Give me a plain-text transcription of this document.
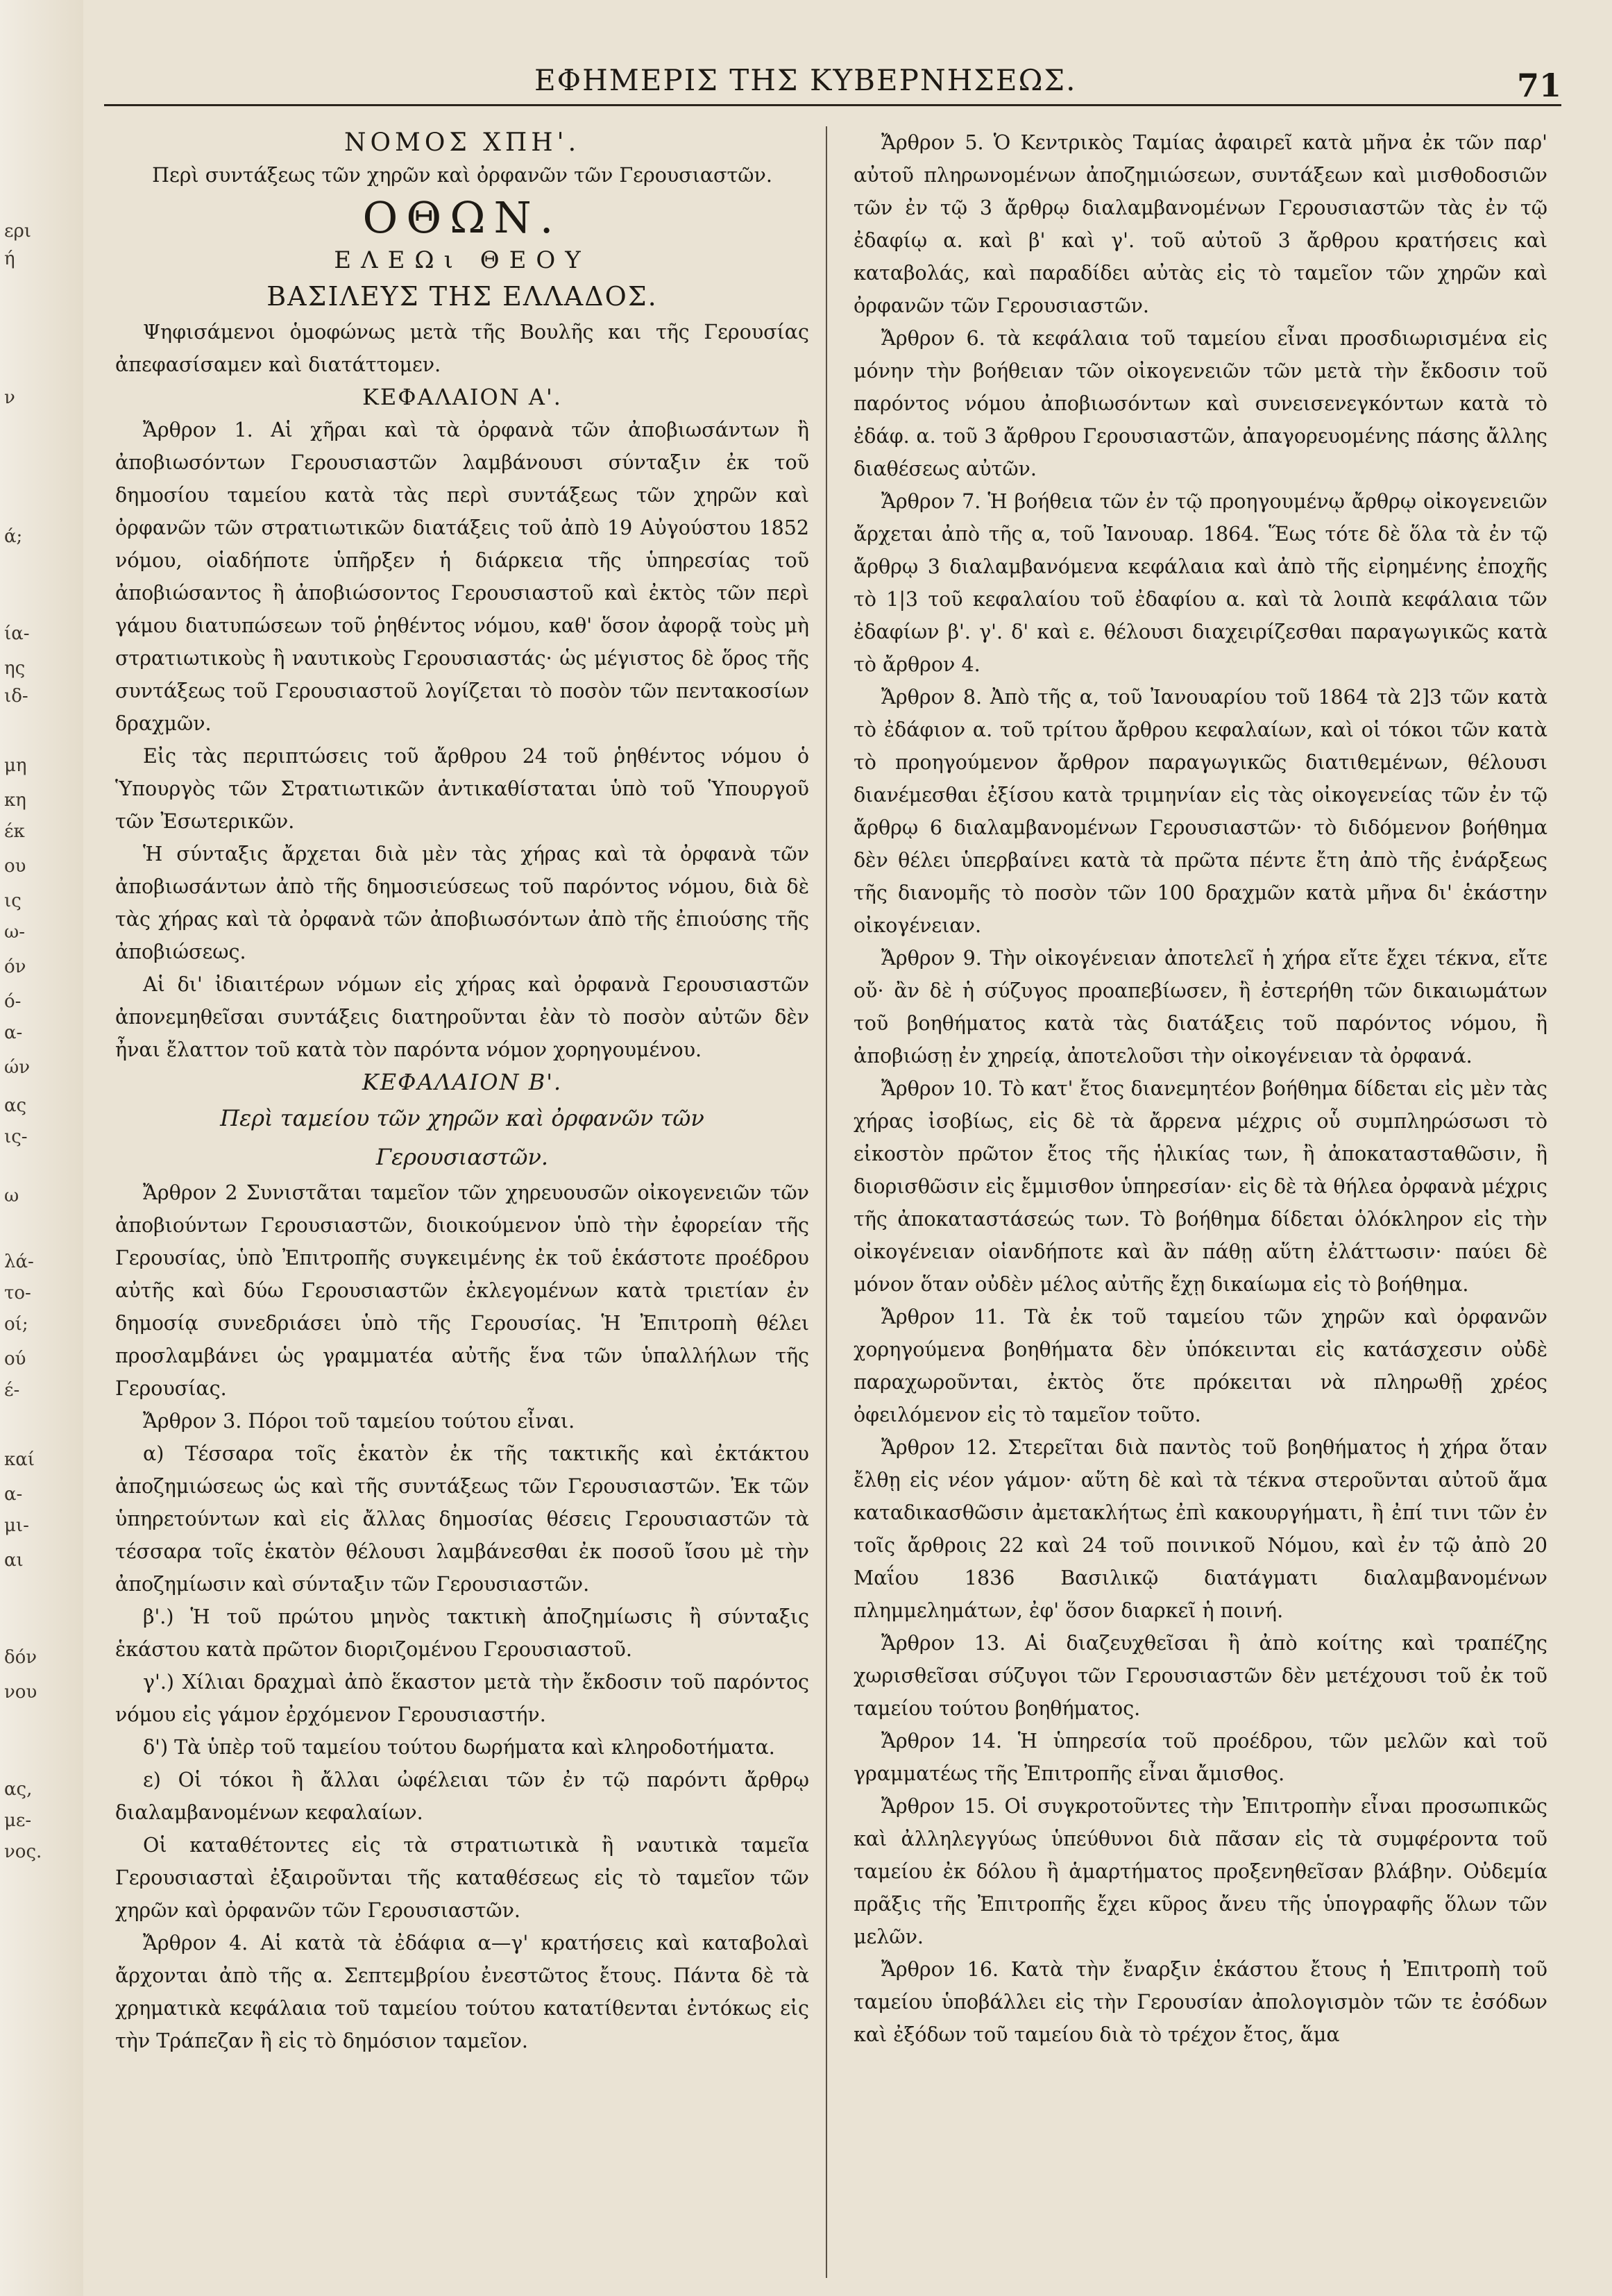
ερι
ή
ν
ά;
ία-
ης
ιδ-
μη
κη
έκ
ου
ις
ω-
όν
ό-
α-
ών
ας
ις-
ω
λά-
το-
οί;
ού
έ-
καί
α-
μι-
αι
δόν
νου
ας,
με-
νος.
ΕΦΗΜΕΡΙΣ ΤΗΣ ΚΥΒΕΡΝΗΣΕΩΣ.	71

ΝΟΜΟΣ ΧΠΗ'.

Περὶ συντάξεως τῶν χηρῶν καὶ ὀρφανῶν τῶν Γερουσιαστῶν.

ΟΘΩΝ.

ΕΛΕΩι ΘΕΟΥ

ΒΑΣΙΛΕΥΣ ΤΗΣ ΕΛΛΑΔΟΣ.

Ψηφισάμενοι ὁμοφώνως μετὰ τῆς Βουλῆς και τῆς Γερουσίας ἀπεφασίσαμεν καὶ διατάττομεν.

ΚΕΦΑΛΑΙΟΝ Α'.

Ἄρθρον 1. Αἱ χῆραι καὶ τὰ ὀρφανὰ τῶν ἀποβιωσάντων ἢ ἀποβιωσόντων Γερουσιαστῶν λαμβάνουσι σύνταξιν ἐκ τοῦ δημοσίου ταμείου κατὰ τὰς περὶ συντάξεως τῶν χηρῶν καὶ ὀρφανῶν τῶν στρατιωτικῶν διατάξεις τοῦ ἀπὸ 19 Αὐγούστου 1852 νόμου, οἱαδήποτε ὑπῆρξεν ἡ διάρκεια τῆς ὑπηρεσίας τοῦ ἀποβιώσαντος ἢ ἀποβιώσοντος Γερουσιαστοῦ καὶ ἐκτὸς τῶν περὶ γάμου διατυπώσεων τοῦ ῥηθέντος νόμου, καθ' ὅσον ἀφορᾷ τοὺς μὴ στρατιωτικοὺς ἢ ναυτικοὺς Γερουσιαστάς· ὡς μέγιστος δὲ ὅρος τῆς συντάξεως τοῦ Γερουσιαστοῦ λογίζεται τὸ ποσὸν τῶν πεντακοσίων δραχμῶν.

Εἰς τὰς περιπτώσεις τοῦ ἄρθρου 24 τοῦ ῥηθέντος νόμου ὁ Ὑπουργὸς τῶν Στρατιωτικῶν ἀντικαθίσταται ὑπὸ τοῦ Ὑπουργοῦ τῶν Ἐσωτερικῶν.

Ἡ σύνταξις ἄρχεται διὰ μὲν τὰς χήρας καὶ τὰ ὀρφανὰ τῶν ἀποβιωσάντων ἀπὸ τῆς δημοσιεύσεως τοῦ παρόντος νόμου, διὰ δὲ τὰς χήρας καὶ τὰ ὀρφανὰ τῶν ἀποβιωσόντων ἀπὸ τῆς ἐπιούσης τῆς ἀποβιώσεως.

Αἱ δι' ἰδιαιτέρων νόμων εἰς χήρας καὶ ὀρφανὰ Γερουσιαστῶν ἀπονεμηθεῖσαι συντάξεις διατηροῦνται ἐὰν τὸ ποσὸν αὐτῶν δὲν ἦναι ἔλαττον τοῦ κατὰ τὸν παρόντα νόμον χορηγουμένου.

ΚΕΦΑΛΑΙΟΝ Β'.

Περὶ ταμείου τῶν χηρῶν καὶ ὀρφανῶν τῶν

Γερουσιαστῶν.

Ἄρθρον 2 Συνιστᾶται ταμεῖον τῶν χηρευουσῶν οἰκογενειῶν τῶν ἀποβιούντων Γερουσιαστῶν, διοικούμενον ὑπὸ τὴν ἐφορείαν τῆς Γερουσίας, ὑπὸ Ἐπιτροπῆς συγκειμένης ἐκ τοῦ ἑκάστοτε προέδρου αὐτῆς καὶ δύω Γερουσιαστῶν ἐκλεγομένων κατὰ τριετίαν ἐν δημοσίᾳ συνεδριάσει ὑπὸ τῆς Γερουσίας. Ἡ Ἐπιτροπὴ θέλει προσλαμβάνει ὡς γραμματέα αὐτῆς ἕνα τῶν ὑπαλλήλων τῆς Γερουσίας.

Ἄρθρον 3. Πόροι τοῦ ταμείου τούτου εἶναι.

α) Τέσσαρα τοῖς ἑκατὸν ἐκ τῆς τακτικῆς καὶ ἐκτάκτου ἀποζημιώσεως ὡς καὶ τῆς συντάξεως τῶν Γερουσιαστῶν. Ἐκ τῶν ὑπηρετούντων καὶ εἰς ἄλλας δημοσίας θέσεις Γερουσιαστῶν τὰ τέσσαρα τοῖς ἑκατὸν θέλουσι λαμβάνεσθαι ἐκ ποσοῦ ἴσου μὲ τὴν ἀποζημίωσιν καὶ σύνταξιν τῶν Γερουσιαστῶν.

β'.) Ἡ τοῦ πρώτου μηνὸς τακτικὴ ἀποζημίωσις ἢ σύνταξις ἑκάστου κατὰ πρῶτον διοριζομένου Γερουσιαστοῦ.

γ'.) Χίλιαι δραχμαὶ ἀπὸ ἕκαστον μετὰ τὴν ἔκδοσιν τοῦ παρόντος νόμου εἰς γάμον ἐρχόμενον Γερουσιαστήν.

δ') Τὰ ὑπὲρ τοῦ ταμείου τούτου δωρήματα καὶ κληροδοτήματα.

ε) Οἱ τόκοι ἢ ἄλλαι ὠφέλειαι τῶν ἐν τῷ παρόντι ἄρθρῳ διαλαμβανομένων κεφαλαίων.

Οἱ καταθέτοντες εἰς τὰ στρατιωτικὰ ἢ ναυτικὰ ταμεῖα Γερουσιασταὶ ἐξαιροῦνται τῆς καταθέσεως εἰς τὸ ταμεῖον τῶν χηρῶν καὶ ὀρφανῶν τῶν Γερουσιαστῶν.

Ἄρθρον 4. Αἱ κατὰ τὰ ἐδάφια α—γ' κρατήσεις καὶ καταβολαὶ ἄρχονται ἀπὸ τῆς α. Σεπτεμβρίου ἐνεστῶτος ἔτους. Πάντα δὲ τὰ χρηματικὰ κεφάλαια τοῦ ταμείου τούτου κατατίθενται ἐντόκως εἰς τὴν Τράπεζαν ἢ εἰς τὸ δημόσιον ταμεῖον.

Ἄρθρον 5. Ὁ Κεντρικὸς Ταμίας ἀφαιρεῖ κατὰ μῆνα ἐκ τῶν παρ' αὐτοῦ πληρωνομένων ἀποζημιώσεων, συντάξεων καὶ μισθοδοσιῶν τῶν ἐν τῷ 3 ἄρθρῳ διαλαμβανομένων Γερουσιαστῶν τὰς ἐν τῷ ἐδαφίῳ α. καὶ β' καὶ γ'. τοῦ αὐτοῦ 3 ἄρθρου κρατήσεις καὶ καταβολάς, καὶ παραδίδει αὐτὰς εἰς τὸ ταμεῖον τῶν χηρῶν καὶ ὀρφανῶν τῶν Γερουσιαστῶν.

Ἄρθρον 6. τὰ κεφάλαια τοῦ ταμείου εἶναι προσδιωρισμένα εἰς μόνην τὴν βοήθειαν τῶν οἰκογενειῶν τῶν μετὰ τὴν ἔκδοσιν τοῦ παρόντος νόμου ἀποβιωσόντων καὶ συνεισενεγκόντων κατὰ τὸ ἐδάφ. α. τοῦ 3 ἄρθρου Γερουσιαστῶν, ἀπαγορευομένης πάσης ἄλλης διαθέσεως αὐτῶν.

Ἄρθρον 7. Ἡ βοήθεια τῶν ἐν τῷ προηγουμένῳ ἄρθρῳ οἰκογενειῶν ἄρχεται ἀπὸ τῆς α, τοῦ Ἰανουαρ. 1864. Ἕως τότε δὲ ὅλα τὰ ἐν τῷ ἄρθρῳ 3 διαλαμβανόμενα κεφάλαια καὶ ἀπὸ τῆς εἰρημένης ἐποχῆς τὸ 1|3 τοῦ κεφαλαίου τοῦ ἐδαφίου α. καὶ τὰ λοιπὰ κεφάλαια τῶν ἐδαφίων β'. γ'. δ' καὶ ε. θέλουσι διαχειρίζεσθαι παραγωγικῶς κατὰ τὸ ἄρθρον 4.

Ἄρθρον 8. Ἀπὸ τῆς α, τοῦ Ἰανουαρίου τοῦ 1864 τὰ 2]3 τῶν κατὰ τὸ ἐδάφιον α. τοῦ τρίτου ἄρθρου κεφαλαίων, καὶ οἱ τόκοι τῶν κατὰ τὸ προηγούμενον ἄρθρον παραγωγικῶς διατιθεμένων, θέλουσι διανέμεσθαι ἐξίσου κατὰ τριμηνίαν εἰς τὰς οἰκογενείας τῶν ἐν τῷ ἄρθρῳ 6 διαλαμβανομένων Γερουσιαστῶν· τὸ διδόμενον βοήθημα δὲν θέλει ὑπερβαίνει κατὰ τὰ πρῶτα πέντε ἔτη ἀπὸ τῆς ἐνάρξεως τῆς διανομῆς τὸ ποσὸν τῶν 100 δραχμῶν κατὰ μῆνα δι' ἑκάστην οἰκογένειαν.

Ἄρθρον 9. Τὴν οἰκογένειαν ἀποτελεῖ ἡ χήρα εἴτε ἔχει τέκνα, εἴτε οὔ· ἂν δὲ ἡ σύζυγος προαπεβίωσεν, ἢ ἐστερήθη τῶν δικαιωμάτων τοῦ βοηθήματος κατὰ τὰς διατάξεις τοῦ παρόντος νόμου, ἢ ἀποβιώσῃ ἐν χηρείᾳ, ἀποτελοῦσι τὴν οἰκογένειαν τὰ ὀρφανά.

Ἄρθρον 10. Τὸ κατ' ἔτος διανεμητέον βοήθημα δίδεται εἰς μὲν τὰς χήρας ἰσοβίως, εἰς δὲ τὰ ἄρρενα μέχρις οὗ συμπληρώσωσι τὸ εἰκοστὸν πρῶτον ἔτος τῆς ἡλικίας των, ἢ ἀποκατασταθῶσιν, ἢ διορισθῶσιν εἰς ἔμμισθον ὑπηρεσίαν· εἰς δὲ τὰ θήλεα ὀρφανὰ μέχρις τῆς ἀποκαταστάσεώς των. Τὸ βοήθημα δίδεται ὁλόκληρον εἰς τὴν οἰκογένειαν οἱανδήποτε καὶ ἂν πάθῃ αὕτη ἐλάττωσιν· παύει δὲ μόνον ὅταν οὐδὲν μέλος αὐτῆς ἔχῃ δικαίωμα εἰς τὸ βοήθημα.

Ἄρθρον 11. Τὰ ἐκ τοῦ ταμείου τῶν χηρῶν καὶ ὀρφανῶν χορηγούμενα βοηθήματα δὲν ὑπόκεινται εἰς κατάσχεσιν οὐδὲ παραχωροῦνται, ἐκτὸς ὅτε πρόκειται νὰ πληρωθῇ χρέος ὀφειλόμενον εἰς τὸ ταμεῖον τοῦτο.

Ἄρθρον 12. Στερεῖται διὰ παντὸς τοῦ βοηθήματος ἡ χήρα ὅταν ἔλθῃ εἰς νέον γάμον· αὕτη δὲ καὶ τὰ τέκνα στεροῦνται αὐτοῦ ἅμα καταδικασθῶσιν ἀμετακλήτως ἐπὶ κακουργήματι, ἢ ἐπί τινι τῶν ἐν τοῖς ἄρθροις 22 καὶ 24 τοῦ ποινικοῦ Νόμου, καὶ ἐν τῷ ἀπὸ 20 Μαΐου 1836 Βασιλικῷ διατάγματι διαλαμβανομένων πλημμελημάτων, ἐφ' ὅσον διαρκεῖ ἡ ποινή.

Ἄρθρον 13. Αἱ διαζευχθεῖσαι ἢ ἀπὸ κοίτης καὶ τραπέζης χωρισθεῖσαι σύζυγοι τῶν Γερουσιαστῶν δὲν μετέχουσι τοῦ ἐκ τοῦ ταμείου τούτου βοηθήματος.

Ἄρθρον 14. Ἡ ὑπηρεσία τοῦ προέδρου, τῶν μελῶν καὶ τοῦ γραμματέως τῆς Ἐπιτροπῆς εἶναι ἄμισθος.

Ἄρθρον 15. Οἱ συγκροτοῦντες τὴν Ἐπιτροπὴν εἶναι προσωπικῶς καὶ ἀλληλεγγύως ὑπεύθυνοι διὰ πᾶσαν εἰς τὰ συμφέροντα τοῦ ταμείου ἐκ δόλου ἢ ἁμαρτήματος προξενηθεῖσαν βλάβην. Οὐδεμία πρᾶξις τῆς Ἐπιτροπῆς ἔχει κῦρος ἄνευ τῆς ὑπογραφῆς ὅλων τῶν μελῶν.

Ἄρθρον 16. Κατὰ τὴν ἔναρξιν ἑκάστου ἔτους ἡ Ἐπιτροπὴ τοῦ ταμείου ὑποβάλλει εἰς τὴν Γερουσίαν ἀπολογισμὸν τῶν τε ἐσόδων καὶ ἐξόδων τοῦ ταμείου διὰ τὸ τρέχον ἔτος, ἅμα
